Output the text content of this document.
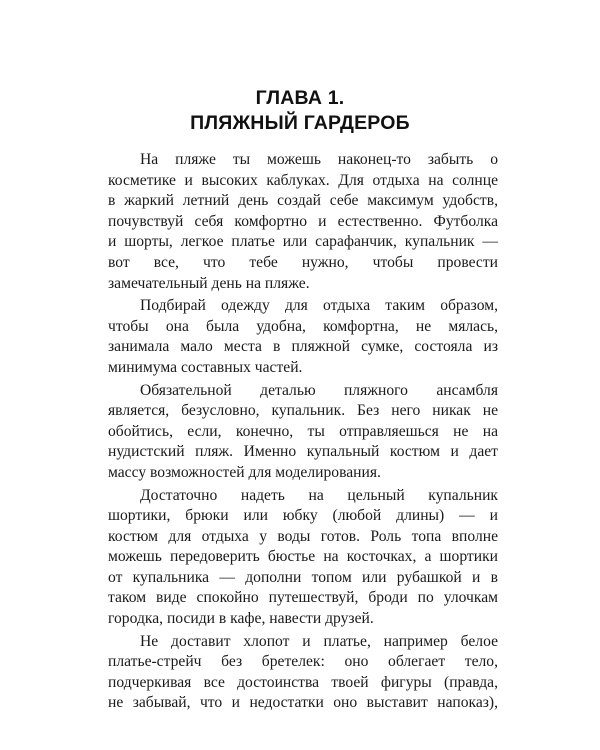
ГЛАВА 1.
ПЛЯЖНЫЙ ГАРДЕРОБ
На пляже ты можешь наконец-то забыть о
косметике и высоких каблуках. Для отдыха на солнце
в жаркий летний день создай себе максимум удобств,
почувствуй себя комфортно и естественно. Футболка
и шорты, легкое платье или сарафанчик, купальник —
вот все, что тебе нужно, чтобы провести
замечательный день на пляже.
Подбирай одежду для отдыха таким образом,
чтобы она была удобна, комфортна, не мялась,
занимала мало места в пляжной сумке, состояла из
минимума составных частей.
Обязательной деталью пляжного ансамбля
является, безусловно, купальник. Без него никак не
обойтись, если, конечно, ты отправляешься не на
нудистский пляж. Именно купальный костюм и дает
массу возможностей для моделирования.
Достаточно надеть на цельный купальник
шортики, брюки или юбку (любой длины) — и
костюм для отдыха у воды готов. Роль топа вполне
можешь передоверить бюстье на косточках, а шортики
от купальника — дополни топом или рубашкой и в
таком виде спокойно путешествуй, броди по улочкам
городка, посиди в кафе, навести друзей.
Не доставит хлопот и платье, например белое
платье-стрейч без бретелек: оно облегает тело,
подчеркивая все достоинства твоей фигуры (правда,
не забывай, что и недостатки оно выставит напоказ),
